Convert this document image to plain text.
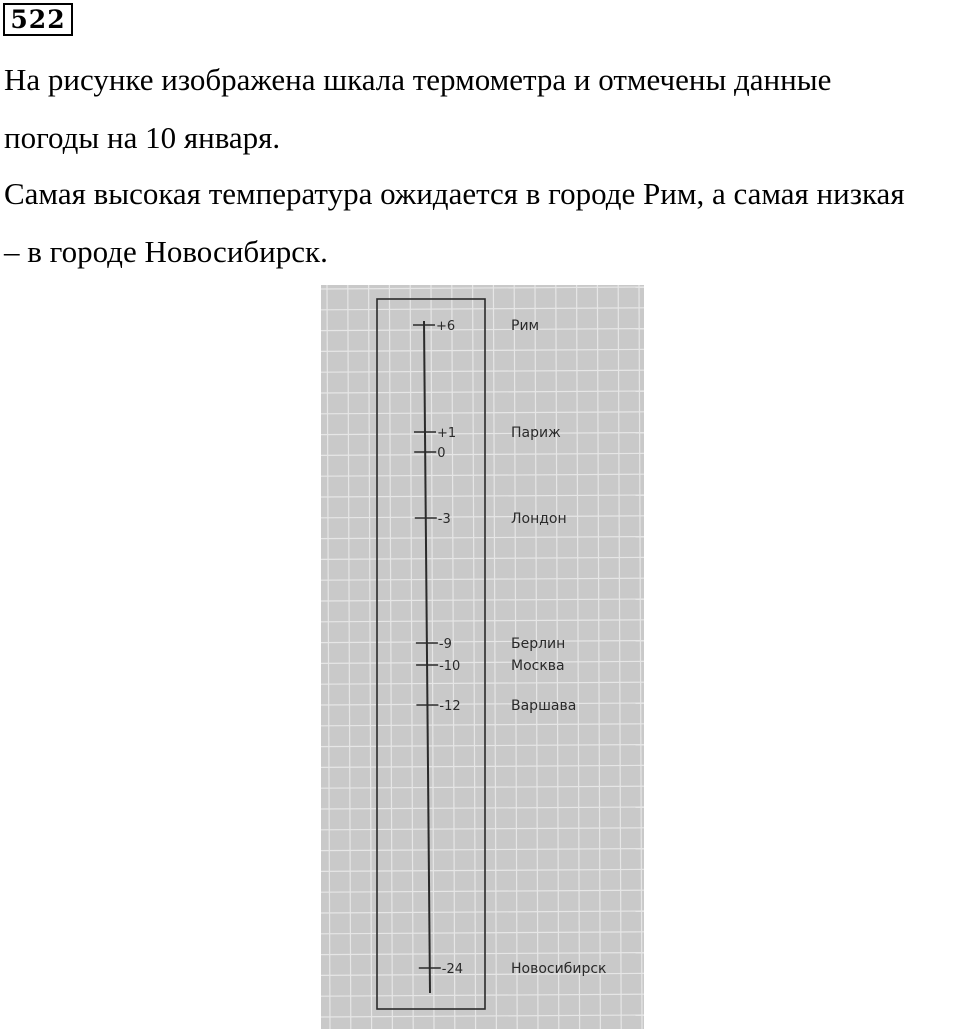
522
На рисунке изображена шкала термометра и отмечены данные
погоды на 10 января.
Самая высокая температура ожидается в городе Рим, а самая низкая
– в городе Новосибирск.
+6	Рим
+1	Париж
0
-3	Лондон
-9	Берлин
-10	Москва
-12	Варшава
-24	Новосибирск
